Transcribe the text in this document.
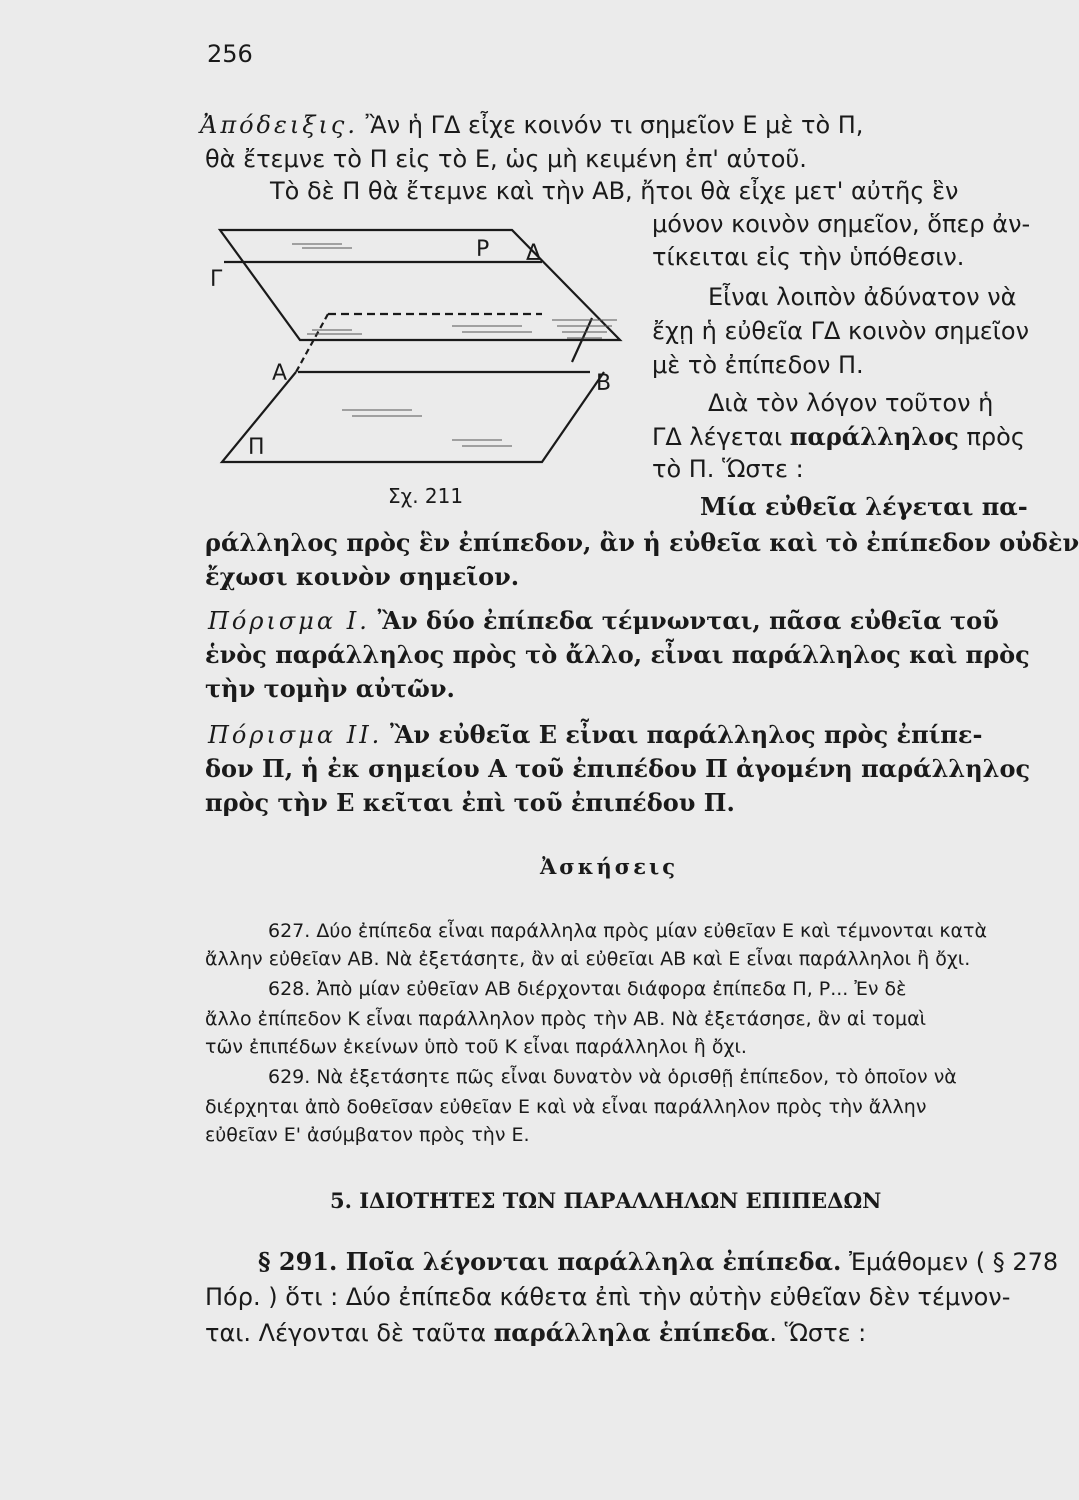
256
Ἀπόδειξις. Ἂν ἡ ΓΔ εἶχε κοινόν τι σημεῖον Ε μὲ τὸ Π,
θὰ ἔτεμνε τὸ Π εἰς τὸ Ε, ὡς μὴ κειμένη ἐπ' αὐτοῦ.
Τὸ δὲ Π θὰ ἔτεμνε καὶ τὴν ΑΒ, ἤτοι θὰ εἶχε μετ' αὐτῆς ἓν
μόνον κοινὸν σημεῖον, ὅπερ ἀν-
τίκειται εἰς τὴν ὑπόθεσιν.
Εἶναι λοιπὸν ἀδύνατον νὰ
ἔχῃ ἡ εὐθεῖα ΓΔ κοινὸν σημεῖον
μὲ τὸ ἐπίπεδον Π.
Διὰ τὸν λόγον τοῦτον ἡ
ΓΔ λέγεται παράλληλος πρὸς
τὸ Π. Ὥστε :
Μία εὐθεῖα λέγεται πα-
ράλληλος πρὸς ἓν ἐπίπεδον, ἂν ἡ εὐθεῖα καὶ τὸ ἐπίπεδον οὐδὲν
ἔχωσι κοινὸν σημεῖον.
Ρ Δ
Γ
Α	Β
Π
Σχ. 211
Πόρισμα Ι. Ἂν δύο ἐπίπεδα τέμνωνται, πᾶσα εὐθεῖα τοῦ
ἑνὸς παράλληλος πρὸς τὸ ἄλλο, εἶναι παράλληλος καὶ πρὸς
τὴν τομὴν αὐτῶν.
Πόρισμα ΙΙ. Ἂν εὐθεῖα Ε εἶναι παράλληλος πρὸς ἐπίπε-
δον Π, ἡ ἐκ σημείου Α τοῦ ἐπιπέδου Π ἀγομένη παράλληλος
πρὸς τὴν Ε κεῖται ἐπὶ τοῦ ἐπιπέδου Π.
Ἀσκήσεις
627. Δύο ἐπίπεδα εἶναι παράλληλα πρὸς μίαν εὐθεῖαν Ε καὶ τέμνονται κατὰ
ἄλλην εὐθεῖαν ΑΒ. Νὰ ἐξετάσητε, ἂν αἱ εὐθεῖαι ΑΒ καὶ Ε εἶναι παράλληλοι ἢ ὄχι.
628. Ἀπὸ μίαν εὐθεῖαν ΑΒ διέρχονται διάφορα ἐπίπεδα Π, Ρ... Ἐν δὲ
ἄλλο ἐπίπεδον Κ εἶναι παράλληλον πρὸς τὴν ΑΒ. Νὰ ἐξετάσησε, ἂν αἱ τομαὶ
τῶν ἐπιπέδων ἐκείνων ὑπὸ τοῦ Κ εἶναι παράλληλοι ἢ ὄχι.
629. Νὰ ἐξετάσητε πῶς εἶναι δυνατὸν νὰ ὁρισθῇ ἐπίπεδον, τὸ ὁποῖον νὰ
διέρχηται ἀπὸ δοθεῖσαν εὐθεῖαν Ε καὶ νὰ εἶναι παράλληλον πρὸς τὴν ἄλλην
εὐθεῖαν Ε' ἀσύμβατον πρὸς τὴν Ε.
5. ΙΔΙΟΤΗΤΕΣ ΤΩΝ ΠΑΡΑΛΛΗΛΩΝ ΕΠΙΠΕΔΩΝ
§ 291. Ποῖα λέγονται παράλληλα ἐπίπεδα. Ἐμάθομεν ( § 278
Πόρ. ) ὅτι : Δύο ἐπίπεδα κάθετα ἐπὶ τὴν αὐτὴν εὐθεῖαν δὲν τέμνον-
ται. Λέγονται δὲ ταῦτα παράλληλα ἐπίπεδα. Ὥστε :
